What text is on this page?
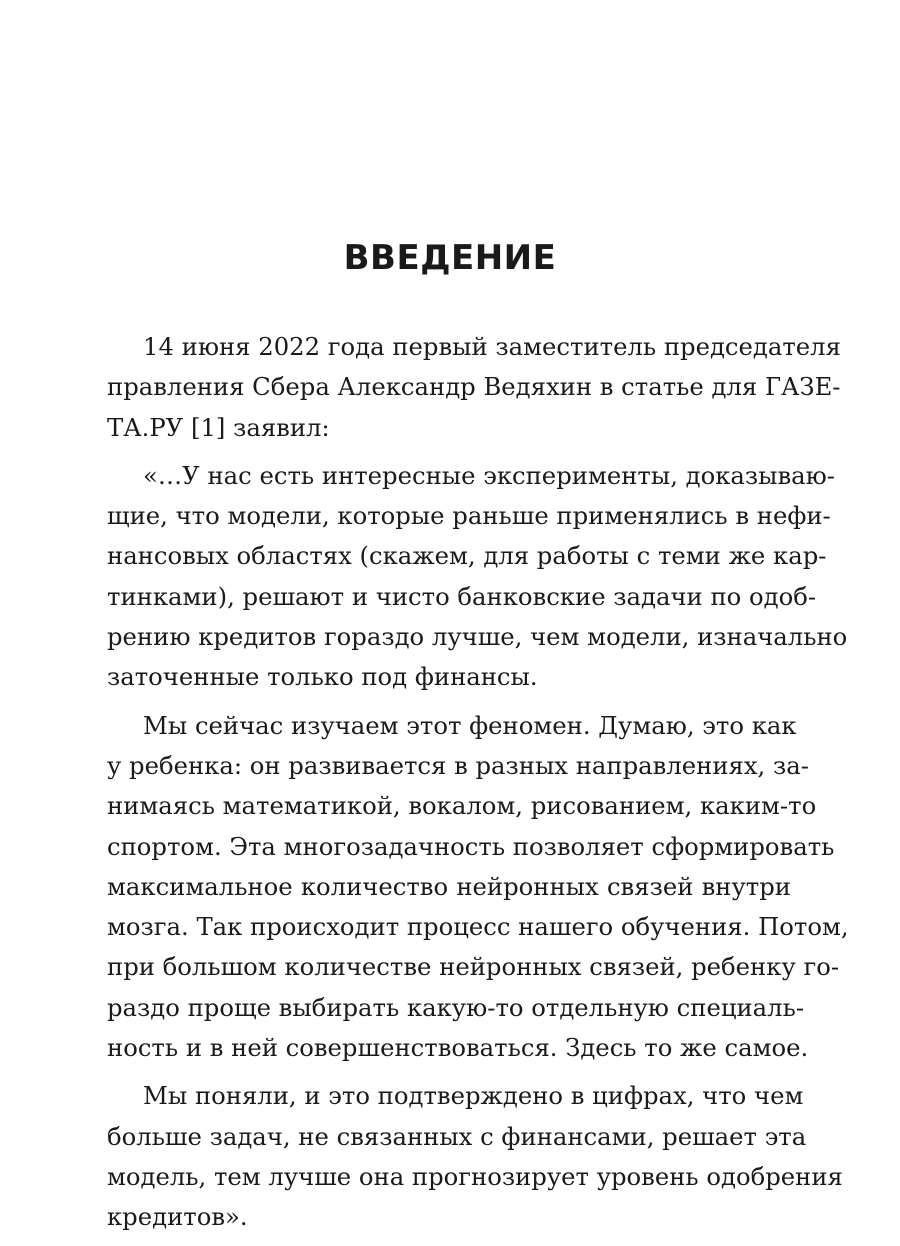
ВВЕДЕНИЕ

14 июня 2022 года первый заместитель председателя
правления Сбера Александр Ведяхин в статье для ГАЗЕ-
ТА.РУ [1] заявил:

«…У нас есть интересные эксперименты, доказываю-
щие, что модели, которые раньше применялись в нефи-
нансовых областях (скажем, для работы с теми же кар-
тинками), решают и чисто банковские задачи по одоб-
рению кредитов гораздо лучше, чем модели, изначально
заточенные только под финансы.

Мы сейчас изучаем этот феномен. Думаю, это как
у ребенка: он развивается в разных направлениях, за-
нимаясь математикой, вокалом, рисованием, каким-то
спортом. Эта многозадачность позволяет сформировать
максимальное количество нейронных связей внутри
мозга. Так происходит процесс нашего обучения. Потом,
при большом количестве нейронных связей, ребенку го-
раздо проще выбирать какую-то отдельную специаль-
ность и в ней совершенствоваться. Здесь то же самое.

Мы поняли, и это подтверждено в цифрах, что чем
больше задач, не связанных с финансами, решает эта
модель, тем лучше она прогнозирует уровень одобрения
кредитов».
